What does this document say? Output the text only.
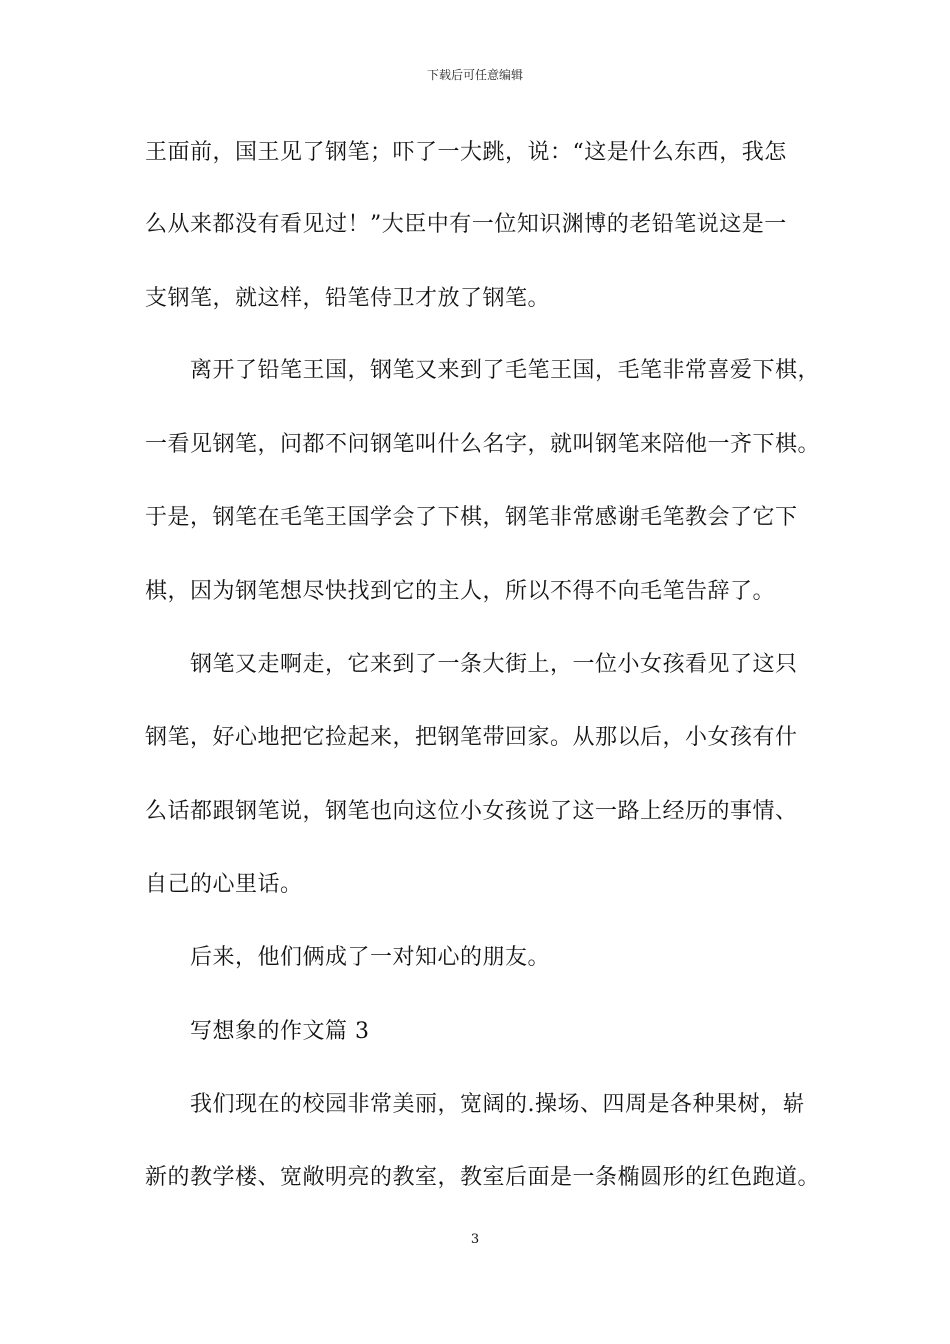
下载后可任意编辑
王面前，国王见了钢笔；吓了一大跳，说：“这是什么东西，我怎
么从来都没有看见过！”大臣中有一位知识渊博的老铅笔说这是一
支钢笔，就这样，铅笔侍卫才放了钢笔。
离开了铅笔王国，钢笔又来到了毛笔王国，毛笔非常喜爱下棋，
一看见钢笔，问都不问钢笔叫什么名字，就叫钢笔来陪他一齐下棋。
于是，钢笔在毛笔王国学会了下棋，钢笔非常感谢毛笔教会了它下
棋，因为钢笔想尽快找到它的主人，所以不得不向毛笔告辞了。
钢笔又走啊走，它来到了一条大街上，一位小女孩看见了这只
钢笔，好心地把它捡起来，把钢笔带回家。从那以后，小女孩有什
么话都跟钢笔说，钢笔也向这位小女孩说了这一路上经历的事情、
自己的心里话。
后来，他们俩成了一对知心的朋友。
写想象的作文篇 3
我们现在的校园非常美丽，宽阔的.操场、四周是各种果树，崭
新的教学楼、宽敞明亮的教室，教室后面是一条椭圆形的红色跑道。
3
